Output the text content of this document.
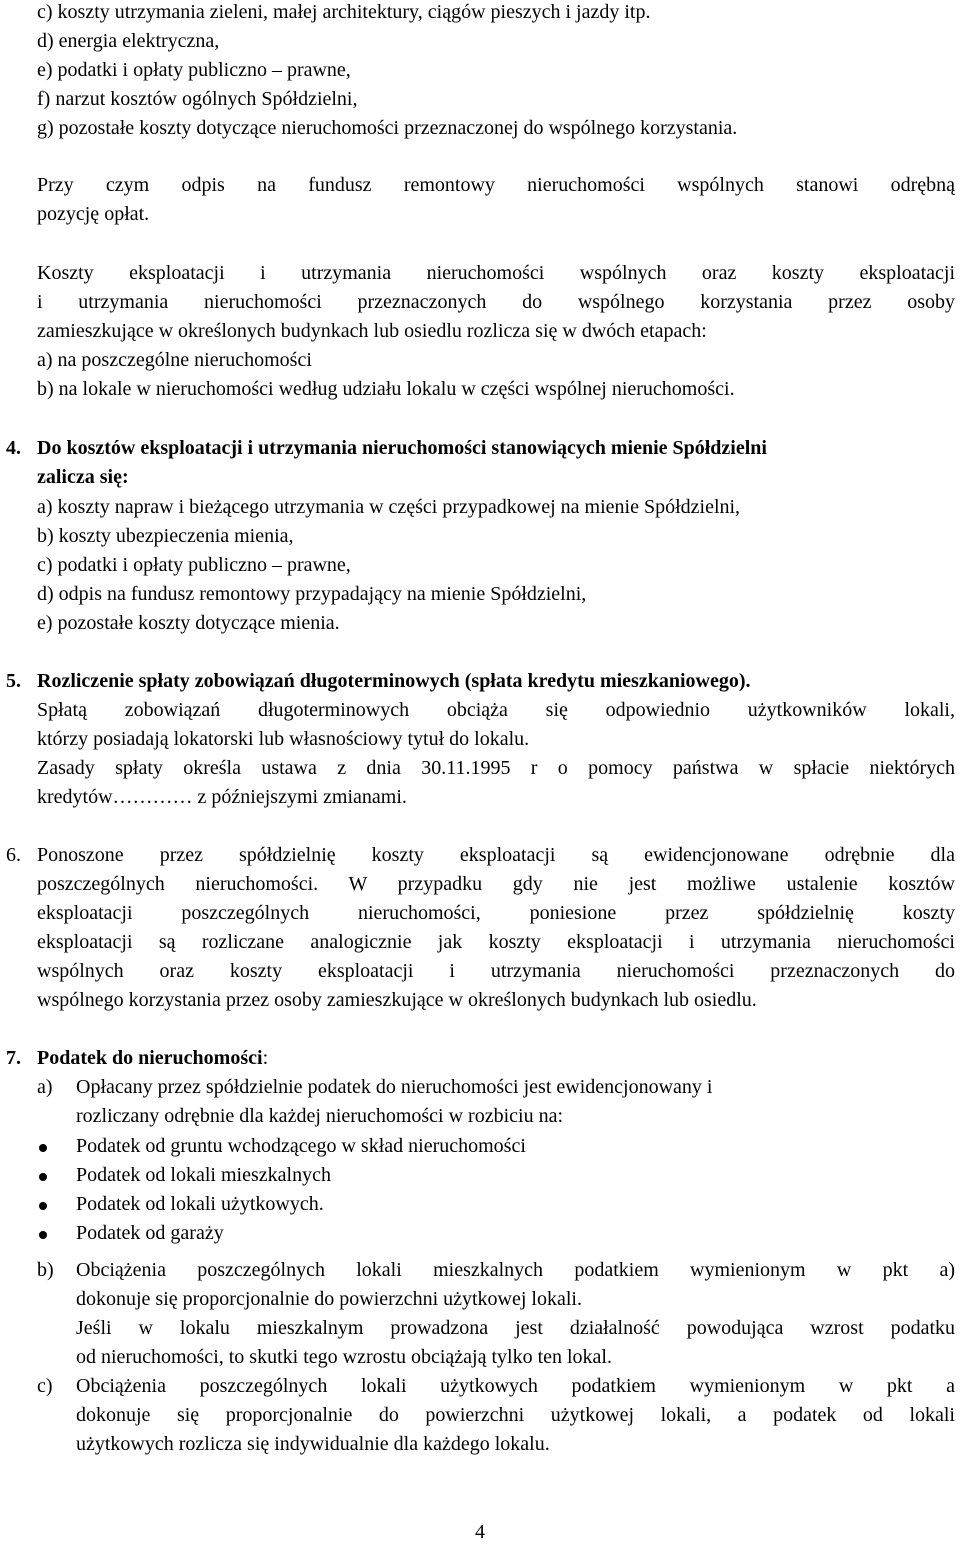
c) koszty utrzymania zieleni, małej architektury, ciągów pieszych i jazdy itp.
d) energia elektryczna,
e) podatki i opłaty publiczno – prawne,
f) narzut kosztów ogólnych Spółdzielni,
g) pozostałe koszty dotyczące nieruchomości przeznaczonej do wspólnego korzystania.
Przy czym odpis na fundusz remontowy nieruchomości wspólnych stanowi odrębną
pozycję opłat.
Koszty eksploatacji i utrzymania nieruchomości wspólnych oraz koszty eksploatacji
i utrzymania nieruchomości przeznaczonych do wspólnego korzystania przez osoby
zamieszkujące w określonych budynkach lub osiedlu rozlicza się w dwóch etapach:
a) na poszczególne nieruchomości
b) na lokale w nieruchomości według udziału lokalu w części wspólnej nieruchomości.
4. Do kosztów eksploatacji i utrzymania nieruchomości stanowiących mienie Spółdzielni
zalicza się:
a) koszty napraw i bieżącego utrzymania w części przypadkowej na mienie Spółdzielni,
b) koszty ubezpieczenia mienia,
c) podatki i opłaty publiczno – prawne,
d) odpis na fundusz remontowy przypadający na mienie Spółdzielni,
e) pozostałe koszty dotyczące mienia.
5. Rozliczenie spłaty zobowiązań długoterminowych (spłata kredytu mieszkaniowego).
Spłatą zobowiązań długoterminowych obciąża się odpowiednio użytkowników lokali,
którzy posiadają lokatorski lub własnościowy tytuł do lokalu.
Zasady spłaty określa ustawa z dnia 30.11.1995 r o pomocy państwa w spłacie niektórych
kredytów………… z późniejszymi zmianami.
6. Ponoszone przez spółdzielnię koszty eksploatacji są ewidencjonowane odrębnie dla
poszczególnych nieruchomości. W przypadku gdy nie jest możliwe ustalenie kosztów
eksploatacji poszczególnych nieruchomości, poniesione przez spółdzielnię koszty
eksploatacji są rozliczane analogicznie jak koszty eksploatacji i utrzymania nieruchomości
wspólnych oraz koszty eksploatacji i utrzymania nieruchomości przeznaczonych do
wspólnego korzystania przez osoby zamieszkujące w określonych budynkach lub osiedlu.
7. Podatek do nieruchomości:
a) Opłacany przez spółdzielnie podatek do nieruchomości jest ewidencjonowany i
rozliczany odrębnie dla każdej nieruchomości w rozbiciu na:
Podatek od gruntu wchodzącego w skład nieruchomości
Podatek od lokali mieszkalnych
Podatek od lokali użytkowych.
Podatek od garaży
b) Obciążenia poszczególnych lokali mieszkalnych podatkiem wymienionym w pkt a)
dokonuje się proporcjonalnie do powierzchni użytkowej lokali.
Jeśli w lokalu mieszkalnym prowadzona jest działalność powodująca wzrost podatku
od nieruchomości, to skutki tego wzrostu obciążają tylko ten lokal.
c) Obciążenia poszczególnych lokali użytkowych podatkiem wymienionym w pkt a
dokonuje się proporcjonalnie do powierzchni użytkowej lokali, a podatek od lokali
użytkowych rozlicza się indywidualnie dla każdego lokalu.
4
